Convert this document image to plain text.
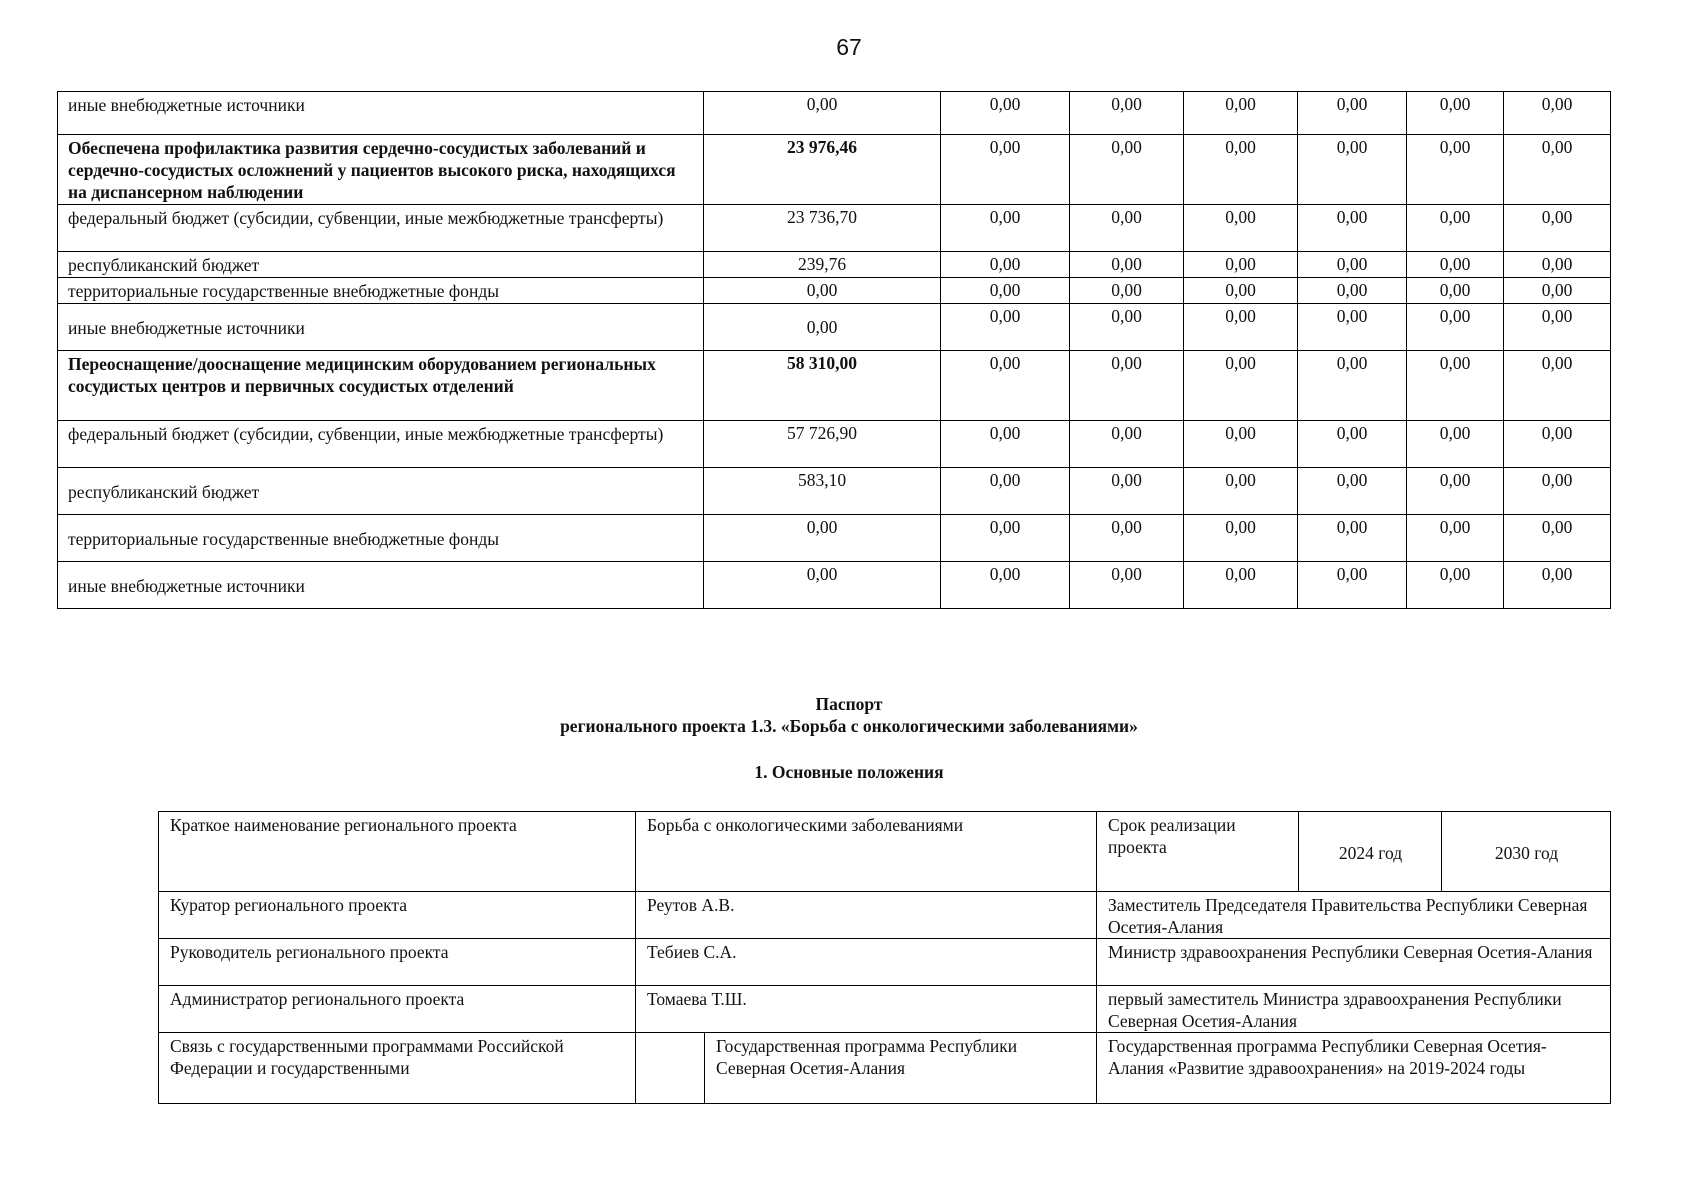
67
иные внебюджетные источники	0,00	0,00	0,00	0,00	0,00	0,00	0,00	
Обеспечена профилактика развития сердечно-сосудистых заболеваний и сердечно-сосудистых осложнений у пациентов высокого риска, находящихся на диспансерном наблюдении	23 976,46	0,00	0,00	0,00	0,00	0,00	0,00	
федеральный бюджет (субсидии, субвенции, иные межбюджетные трансферты)	23 736,70	0,00	0,00	0,00	0,00	0,00	0,00	
республиканский бюджет	239,76	0,00	0,00	0,00	0,00	0,00	0,00	
территориальные государственные внебюджетные фонды	0,00	0,00	0,00	0,00	0,00	0,00	0,00	
иные внебюджетные источники	0,00	0,00	0,00	0,00	0,00	0,00	0,00	
Переоснащение/дооснащение медицинским оборудованием региональных сосудистых центров и первичных сосудистых отделений	58 310,00	0,00	0,00	0,00	0,00	0,00	0,00	
федеральный бюджет (субсидии, субвенции, иные межбюджетные трансферты)	57 726,90	0,00	0,00	0,00	0,00	0,00	0,00	
республиканский бюджет	583,10	0,00	0,00	0,00	0,00	0,00	0,00	
территориальные государственные внебюджетные фонды	0,00	0,00	0,00	0,00	0,00	0,00	0,00	
иные внебюджетные источники	0,00	0,00	0,00	0,00	0,00	0,00	0,00	
Паспорт
регионального проекта 1.3. «Борьба с онкологическими заболеваниями»
1. Основные положения
Краткое наименование регионального проекта	Борьба с онкологическими заболеваниями		Срок реализации проекта	2024 год	2030 год
Куратор регионального проекта	Реутов А.В.		Заместитель Председателя Правительства Республики Северная Осетия-Алания		
Руководитель регионального проекта	Тебиев С.А.		Министр здравоохранения Республики Северная Осетия-Алания		
Администратор регионального проекта	Томаева Т.Ш.		первый заместитель Министра здравоохранения Республики Северная Осетия-Алания		
Связь с государственными программами Российской Федерации и государственными		Государственная программа Республики Северная Осетия-Алания	Государственная программа Республики Северная Осетия- Алания «Развитие здравоохранения» на 2019-2024 годы		
